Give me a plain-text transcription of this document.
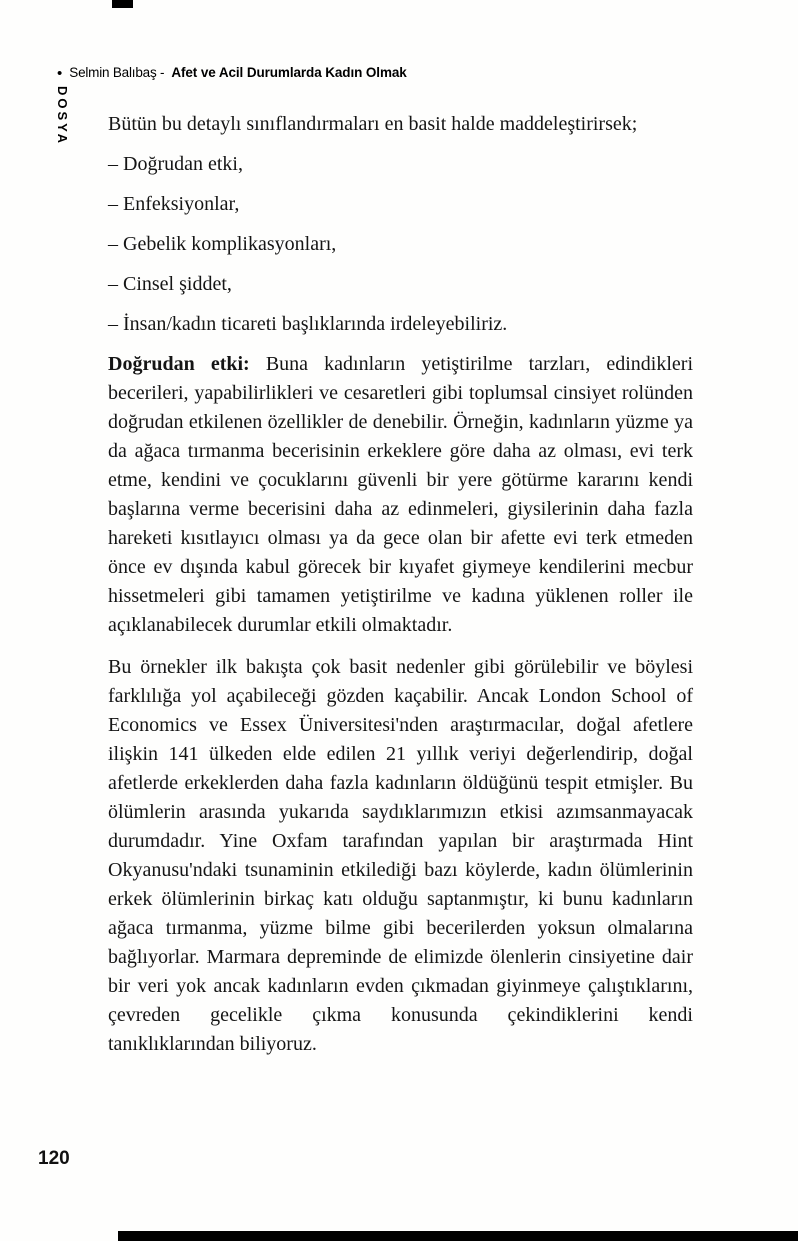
• Selmin Balıbaş - Afet ve Acil Durumlarda Kadın Olmak
DOSYA Bütün bu detaylı sınıflandırmaları en basit halde maddeleştirirsek;

– Doğrudan etki,

– Enfeksiyonlar,

– Gebelik komplikasyonları,

– Cinsel şiddet,

– İnsan/kadın ticareti başlıklarında irdeleyebiliriz.

Doğrudan etki: Buna kadınların yetiştirilme tarzları, edindikleri becerileri, yapabilirlikleri ve cesaretleri gibi toplumsal cinsiyet rolünden doğrudan etkilenen özellikler de denebilir. Örneğin, kadınların yüzme ya da ağaca tırmanma becerisinin erkeklere göre daha az olması, evi terk etme, kendini ve çocuklarını güvenli bir yere götürme kararını kendi başlarına verme becerisini daha az edinmeleri, giysilerinin daha fazla hareketi kısıtlayıcı olması ya da gece olan bir afette evi terk etmeden önce ev dışında kabul görecek bir kıyafet giymeye kendilerini mecbur hissetmeleri gibi tamamen yetiştirilme ve kadına yüklenen roller ile açıklanabilecek durumlar etkili olmaktadır.

Bu örnekler ilk bakışta çok basit nedenler gibi görülebilir ve böylesi farklılığa yol açabileceği gözden kaçabilir. Ancak London School of Economics ve Essex Üniversitesi'nden araştırmacılar, doğal afetlere ilişkin 141 ülkeden elde edilen 21 yıllık veriyi değerlendirip, doğal afetlerde erkeklerden daha fazla kadınların öldüğünü tespit etmişler. Bu ölümlerin arasında yukarıda saydıklarımızın etkisi azımsanmayacak durumdadır. Yine Oxfam tarafından yapılan bir araştırmada Hint Okyanusu'ndaki tsunaminin etkilediği bazı köylerde, kadın ölümlerinin erkek ölümlerinin birkaç katı olduğu saptanmıştır, ki bunu kadınların ağaca tırmanma, yüzme bilme gibi becerilerden yoksun olmalarına bağlıyorlar. Marmara depreminde de elimizde ölenlerin cinsiyetine dair bir veri yok ancak kadınların evden çıkmadan giyinmeye çalıştıklarını, çevreden gecelikle çıkma konusunda çekindiklerini kendi tanıklıklarından biliyoruz.

120
